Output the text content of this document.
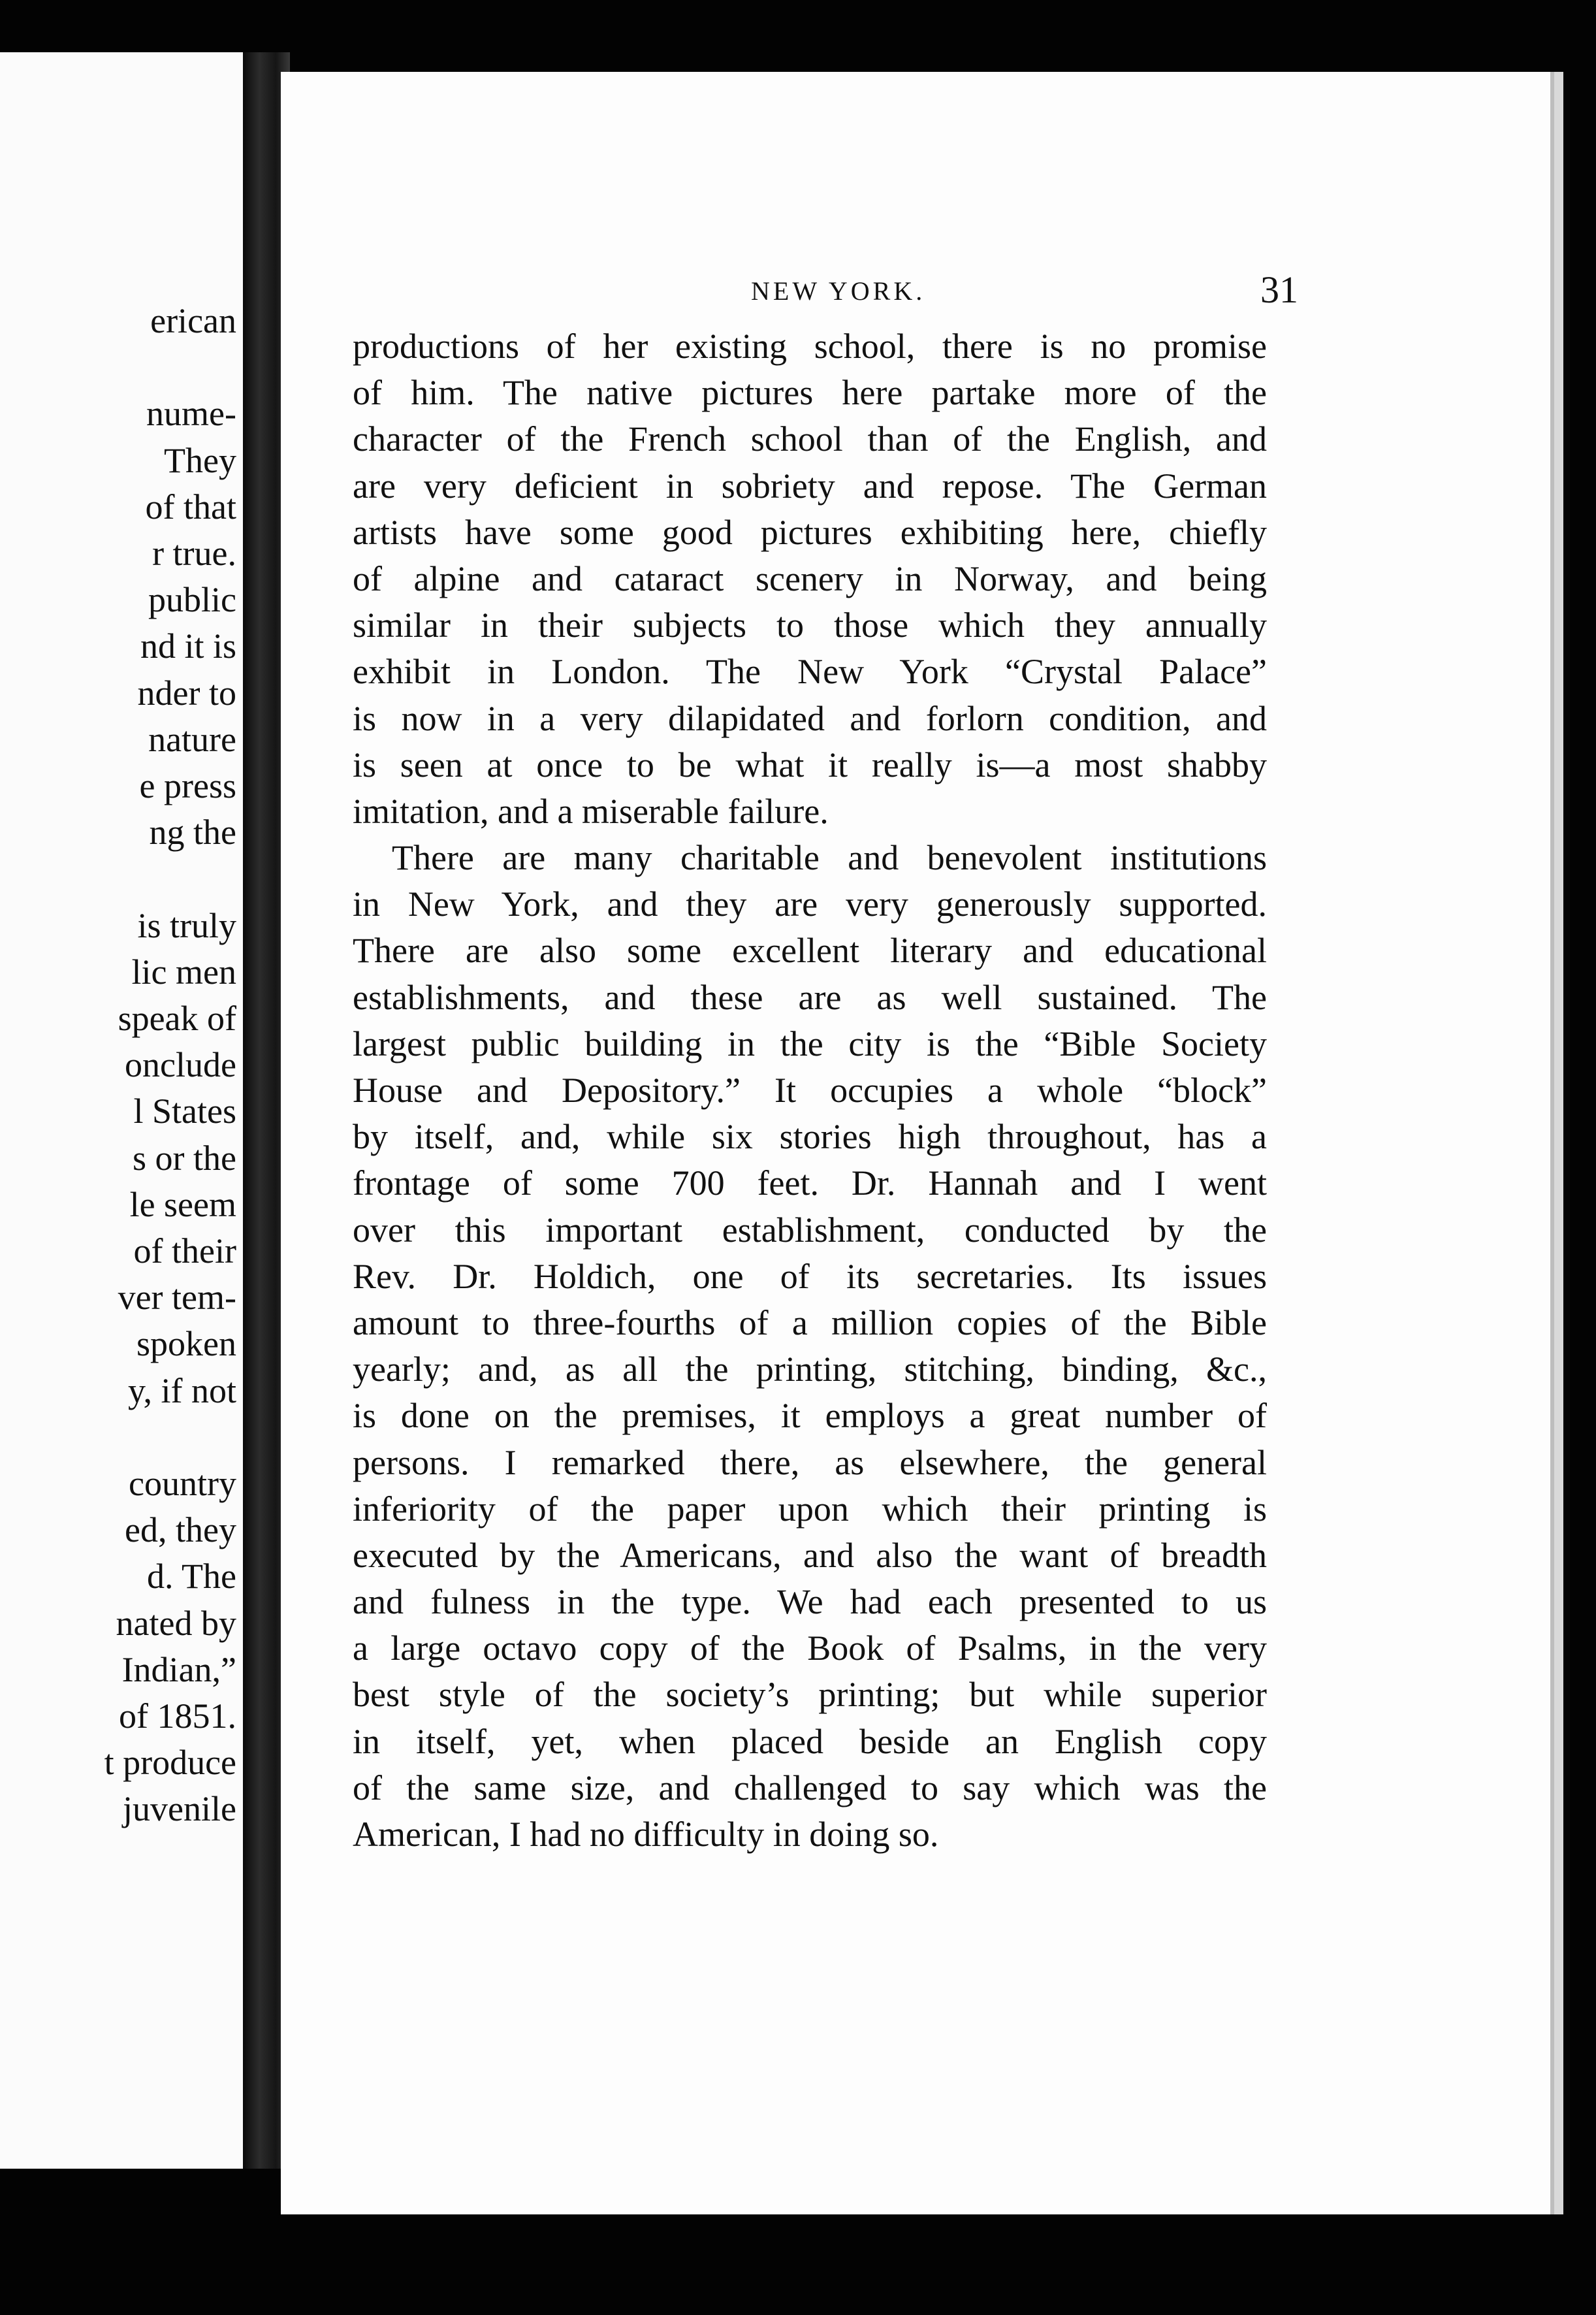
erican
nume-
They
of that
r true.
public
nd it is
nder to
nature
e press
ng the
is truly
lic men
speak of
onclude
l States
s or the
le seem
of their
ver tem-
spoken
y, if not
country
ed, they
d. The
nated by
Indian,”
of 1851.
t produce
juvenile
NEW YORK.	31
productions of her existing school, there is no promise
of him. The native pictures here partake more of the
character of the French school than of the English, and
are very deficient in sobriety and repose. The German
artists have some good pictures exhibiting here, chiefly
of alpine and cataract scenery in Norway, and being
similar in their subjects to those which they annually
exhibit in London. The New York “Crystal Palace”
is now in a very dilapidated and forlorn condition, and
is seen at once to be what it really is—a most shabby
imitation, and a miserable failure.
There are many charitable and benevolent institutions
in New York, and they are very generously supported.
There are also some excellent literary and educational
establishments, and these are as well sustained. The
largest public building in the city is the “Bible Society
House and Depository.” It occupies a whole “block”
by itself, and, while six stories high throughout, has a
frontage of some 700 feet. Dr. Hannah and I went
over this important establishment, conducted by the
Rev. Dr. Holdich, one of its secretaries. Its issues
amount to three-fourths of a million copies of the Bible
yearly; and, as all the printing, stitching, binding, &c.,
is done on the premises, it employs a great number of
persons. I remarked there, as elsewhere, the general
inferiority of the paper upon which their printing is
executed by the Americans, and also the want of breadth
and fulness in the type. We had each presented to us
a large octavo copy of the Book of Psalms, in the very
best style of the society’s printing; but while superior
in itself, yet, when placed beside an English copy
of the same size, and challenged to say which was the
American, I had no difficulty in doing so.
